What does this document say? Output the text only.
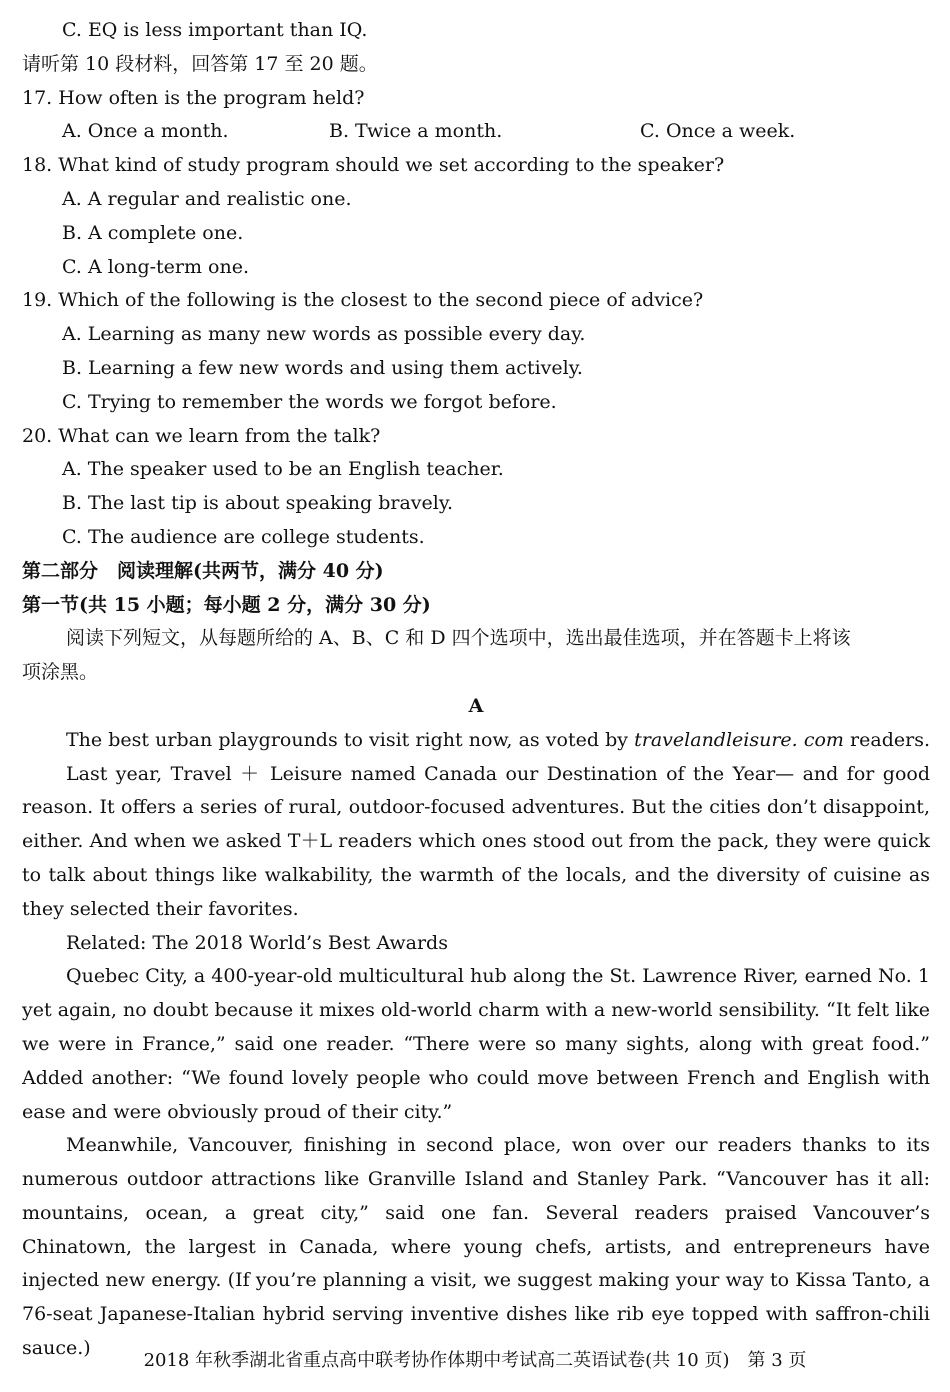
C. EQ is less important than IQ.
请听第 10 段材料，回答第 17 至 20 题。
17. How often is the program held?
A. Once a month.	B. Twice a month.	C. Once a week.
18. What kind of study program should we set according to the speaker?
A. A regular and realistic one.
B. A complete one.
C. A long-term one.
19. Which of the following is the closest to the second piece of advice?
A. Learning as many new words as possible every day.
B. Learning a few new words and using them actively.
C. Trying to remember the words we forgot before.
20. What can we learn from the talk?
A. The speaker used to be an English teacher.
B. The last tip is about speaking bravely.
C. The audience are college students.
第二部分　阅读理解(共两节，满分 40 分)
第一节(共 15 小题；每小题 2 分，满分 30 分)
阅读下列短文，从每题所给的 A、B、C 和 D 四个选项中，选出最佳选项，并在答题卡上将该
项涂黑。
A
The best urban playgrounds to visit right now, as voted by travelandleisure. com readers.

Last year, Travel ＋ Leisure named Canada our Destination of the Year— and for good reason. It offers a series of rural, outdoor-focused adventures. But the cities don’t disappoint, either. And when we asked T＋L readers which ones stood out from the pack, they were quick to talk about things like walkability, the warmth of the locals, and the diversity of cuisine as they selected their favorites.

Related: The 2018 World’s Best Awards

Quebec City, a 400-year-old multicultural hub along the St. Lawrence River, earned No. 1 yet again, no doubt because it mixes old-world charm with a new-world sensibility. “It felt like we were in France,” said one reader. “There were so many sights, along with great food.” Added another: “We found lovely people who could move between French and English with ease and were obviously proud of their city.”

Meanwhile, Vancouver, finishing in second place, won over our readers thanks to its numerous outdoor attractions like Granville Island and Stanley Park. “Vancouver has it all: mountains, ocean, a great city,” said one fan. Several readers praised Vancouver’s Chinatown, the largest in Canada, where young chefs, artists, and entrepreneurs have injected new energy. (If you’re planning a visit, we suggest making your way to Kissa Tanto, a 76-seat Japanese-Italian hybrid serving inventive dishes like rib eye topped with saffron-chili sauce.)

2018 年秋季湖北省重点高中联考协作体期中考试高二英语试卷(共 10 页)　第 3 页
